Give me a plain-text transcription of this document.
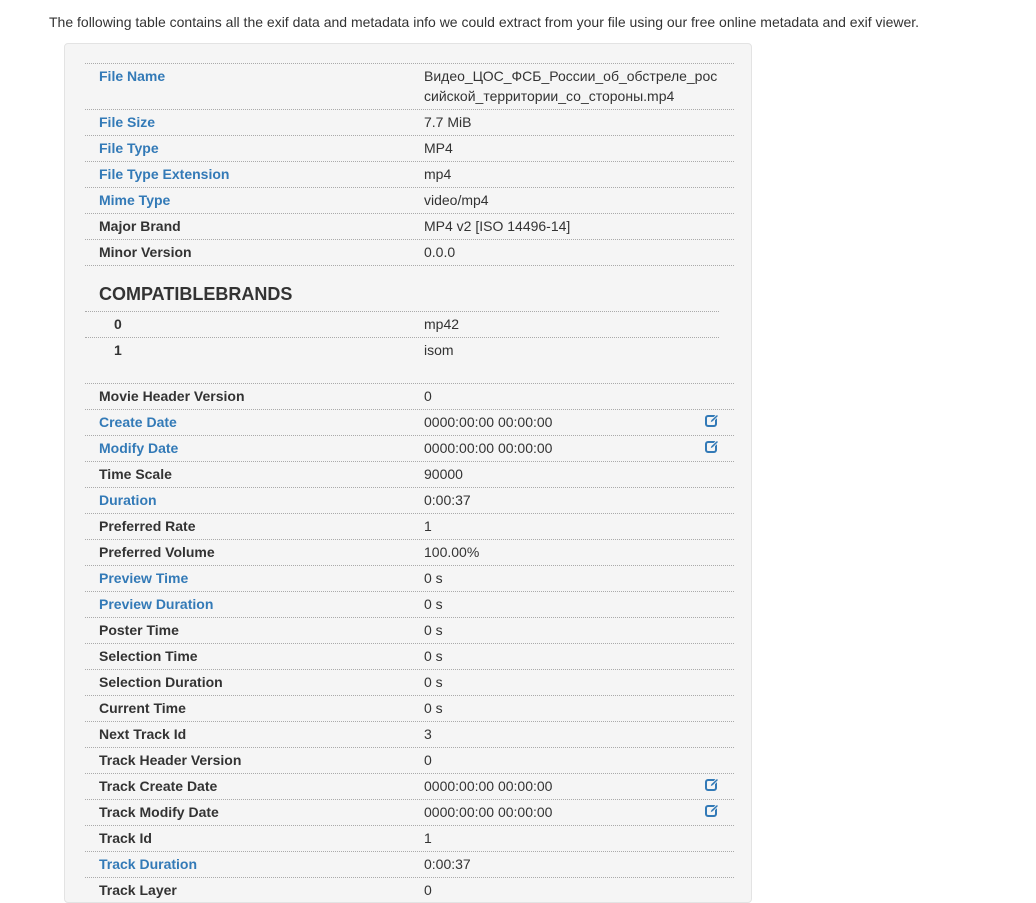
The following table contains all the exif data and metadata info we could extract from your file using our free online metadata and exif viewer.
File Name	Видео_ЦОС_ФСБ_России_об_обстреле_российской_территории_со_стороны.mp4
File Size	7.7 MiB
File Type	MP4
File Type Extension	mp4
Mime Type	video/mp4
Major Brand	MP4 v2 [ISO 14496-14]
Minor Version	0.0.0
COMPATIBLEBRANDS
0	mp42
1	isom
Movie Header Version	0
Create Date	0000:00:00 00:00:00
Modify Date	0000:00:00 00:00:00
Time Scale	90000
Duration	0:00:37
Preferred Rate	1
Preferred Volume	100.00%
Preview Time	0 s
Preview Duration	0 s
Poster Time	0 s
Selection Time	0 s
Selection Duration	0 s
Current Time	0 s
Next Track Id	3
Track Header Version	0
Track Create Date	0000:00:00 00:00:00
Track Modify Date	0000:00:00 00:00:00
Track Id	1
Track Duration	0:00:37
Track Layer	0
